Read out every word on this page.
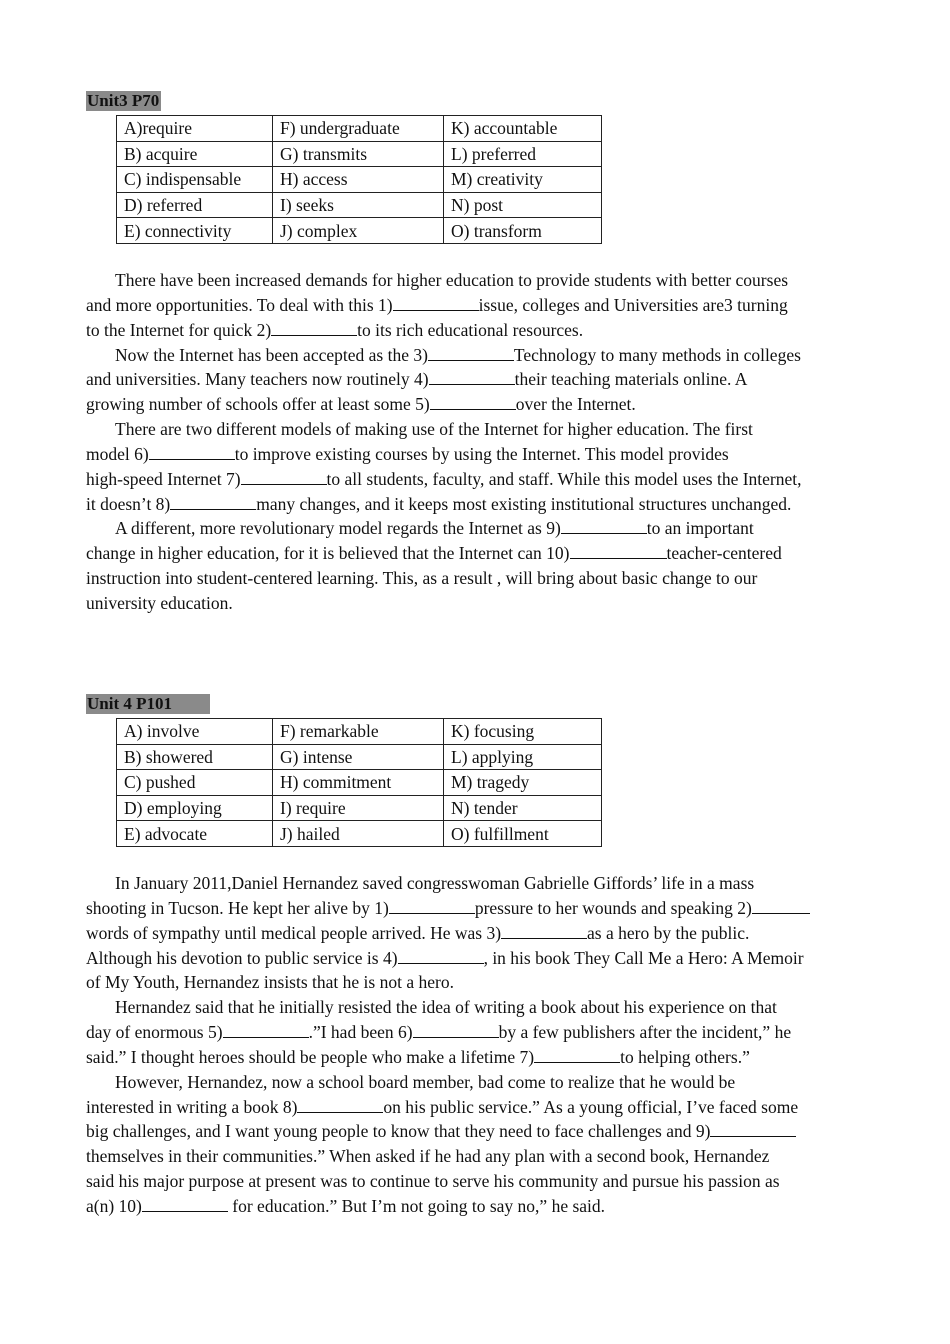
Unit3 P70
A)require	F) undergraduate	K) accountable
B) acquire	G) transmits	L) preferred
C) indispensable	H) access	M) creativity
D) referred	I) seeks	N) post
E) connectivity	J) complex	O) transform
There have been increased demands for higher education to provide students with better courses
and more opportunities. To deal with this 1)	issue, colleges and Universities are3 turning
to the Internet for quick 2)	to its rich educational resources.
Now the Internet has been accepted as the 3)	Technology to many methods in colleges
and universities. Many teachers now routinely 4)	their teaching materials online. A
growing number of schools offer at least some 5)	over the Internet.
There are two different models of making use of the Internet for higher education. The first
model 6)	to improve existing courses by using the Internet. This model provides
high-speed Internet 7)	to all students, faculty, and staff. While this model uses the Internet,
it doesn’t 8)	many changes, and it keeps most existing institutional structures unchanged.
A different, more revolutionary model regards the Internet as 9)	to an important
change in higher education, for it is believed that the Internet can 10)	teacher-centered
instruction into student-centered learning. This, as a result , will bring about basic change to our
university education.
Unit 4 P101
A) involve	F) remarkable	K) focusing
B) showered	G) intense	L) applying
C) pushed	H) commitment	M) tragedy
D) employing	I) require	N) tender
E) advocate	J) hailed	O) fulfillment
In January 2011,Daniel Hernandez saved congresswoman Gabrielle Giffords’ life in a mass
shooting in Tucson. He kept her alive by 1)	pressure to her wounds and speaking 2)
words of sympathy until medical people arrived. He was 3)	as a hero by the public.
Although his devotion to public service is 4)	, in his book They Call Me a Hero: A Memoir
of My Youth, Hernandez insists that he is not a hero.
Hernandez said that he initially resisted the idea of writing a book about his experience on that
day of enormous 5)	.”I had been 6)	by a few publishers after the incident,” he
said.” I thought heroes should be people who make a lifetime 7)	to helping others.”
However, Hernandez, now a school board member, bad come to realize that he would be
interested in writing a book 8)	on his public service.” As a young official, I’ve faced some
big challenges, and I want young people to know that they need to face challenges and 9)
themselves in their communities.” When asked if he had any plan with a second book, Hernandez
said his major purpose at present was to continue to serve his community and pursue his passion as
a(n) 10)	for education.” But I’m not going to say no,” he said.
